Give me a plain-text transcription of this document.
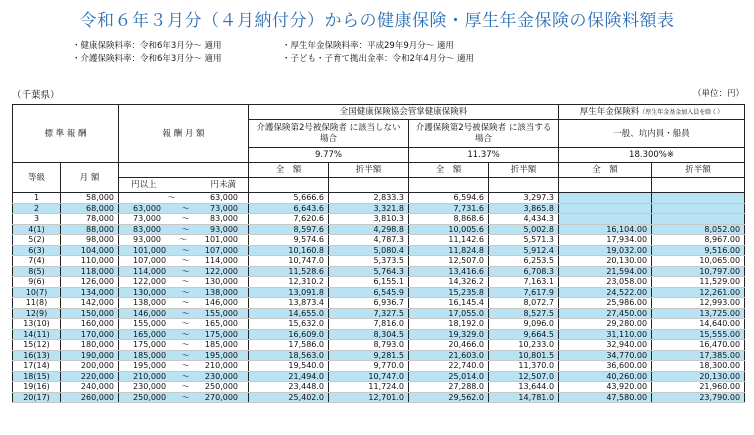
令和６年３月分（４月納付分）からの健康保険・厚生年金保険の保険料額表
・健康保険料率：令和6年3月分～ 適用	・厚生年金保険料率：平成29年9月分～ 適用
・介護保険料率：令和6年3月分～ 適用	・子ども・子育て拠出金率：令和2年4月分～ 適用
（千葉県）	（単位：円）
標 準 報 酬		報 酬 月 額	全国健康保険協会管掌健康保険料				厚生年金保険料（厚生年金基金加入員を除く）	
			介護保険第2号被保険者 に該当しない場合		介護保険第2号被保険者 に該当する場合		一般、坑内員・船員	
			9.77%		11.37%		18.300%※	
等級	月 額		全　額	折半額	全　額	折半額	全　額	折半額

		円以上 円未満						

1	58,000	～ 63,000	5,666.6	2,833.3	6,594.6	3,297.3		
2	68,000	63,000 ～ 73,000	6,643.6	3,321.8	7,731.6	3,865.8		
3	78,000	73,000 ～ 83,000	7,620.6	3,810.3	8,868.6	4,434.3		
4(1)	88,000	83,000 ～ 93,000	8,597.6	4,298.8	10,005.6	5,002.8	16,104.00	8,052.00
5(2)	98,000	93,000 ～ 101,000	9,574.6	4,787.3	11,142.6	5,571.3	17,934.00	8,967.00
6(3)	104,000	101,000 ～ 107,000	10,160.8	5,080.4	11,824.8	5,912.4	19,032.00	9,516.00
7(4)	110,000	107,000 ～ 114,000	10,747.0	5,373.5	12,507.0	6,253.5	20,130.00	10,065.00
8(5)	118,000	114,000 ～ 122,000	11,528.6	5,764.3	13,416.6	6,708.3	21,594.00	10,797.00
9(6)	126,000	122,000 ～ 130,000	12,310.2	6,155.1	14,326.2	7,163.1	23,058.00	11,529.00
10(7)	134,000	130,000 ～ 138,000	13,091.8	6,545.9	15,235.8	7,617.9	24,522.00	12,261.00
11(8)	142,000	138,000 ～ 146,000	13,873.4	6,936.7	16,145.4	8,072.7	25,986.00	12,993.00
12(9)	150,000	146,000 ～ 155,000	14,655.0	7,327.5	17,055.0	8,527.5	27,450.00	13,725.00
13(10)	160,000	155,000 ～ 165,000	15,632.0	7,816.0	18,192.0	9,096.0	29,280.00	14,640.00
14(11)	170,000	165,000 ～ 175,000	16,609.0	8,304.5	19,329.0	9,664.5	31,110.00	15,555.00
15(12)	180,000	175,000 ～ 185,000	17,586.0	8,793.0	20,466.0	10,233.0	32,940.00	16,470.00
16(13)	190,000	185,000 ～ 195,000	18,563.0	9,281.5	21,603.0	10,801.5	34,770.00	17,385.00
17(14)	200,000	195,000 ～ 210,000	19,540.0	9,770.0	22,740.0	11,370.0	36,600.00	18,300.00
18(15)	220,000	210,000 ～ 230,000	21,494.0	10,747.0	25,014.0	12,507.0	40,260.00	20,130.00
19(16)	240,000	230,000 ～ 250,000	23,448.0	11,724.0	27,288.0	13,644.0	43,920.00	21,960.00
20(17)	260,000	250,000 ～ 270,000	25,402.0	12,701.0	29,562.0	14,781.0	47,580.00	23,790.00
